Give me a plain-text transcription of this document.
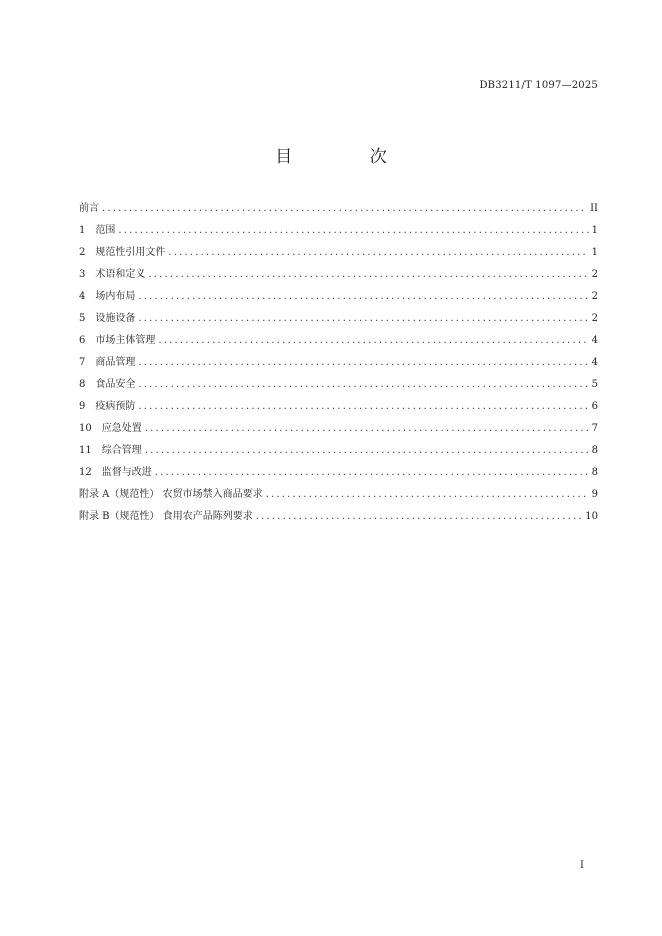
DB3211/T 1097—2025
目 次
前言 .....	II
1	范围 .....	1
2	规范性引用文件 .....	1
3	术语和定义 .....	2
4	场内布局 .....	2
5	设施设备 .....	2
6	市场主体管理 .....	4
7	商品管理 .....	4
8	食品安全 .....	5
9	疫病预防 .....	6
10	应急处置 .....	7
11	综合管理 .....	8
12	监督与改进 .....	8
附录 A（规范性） 农贸市场禁入商品要求 .....	9
附录 B（规范性） 食用农产品陈列要求 .....	10
I
